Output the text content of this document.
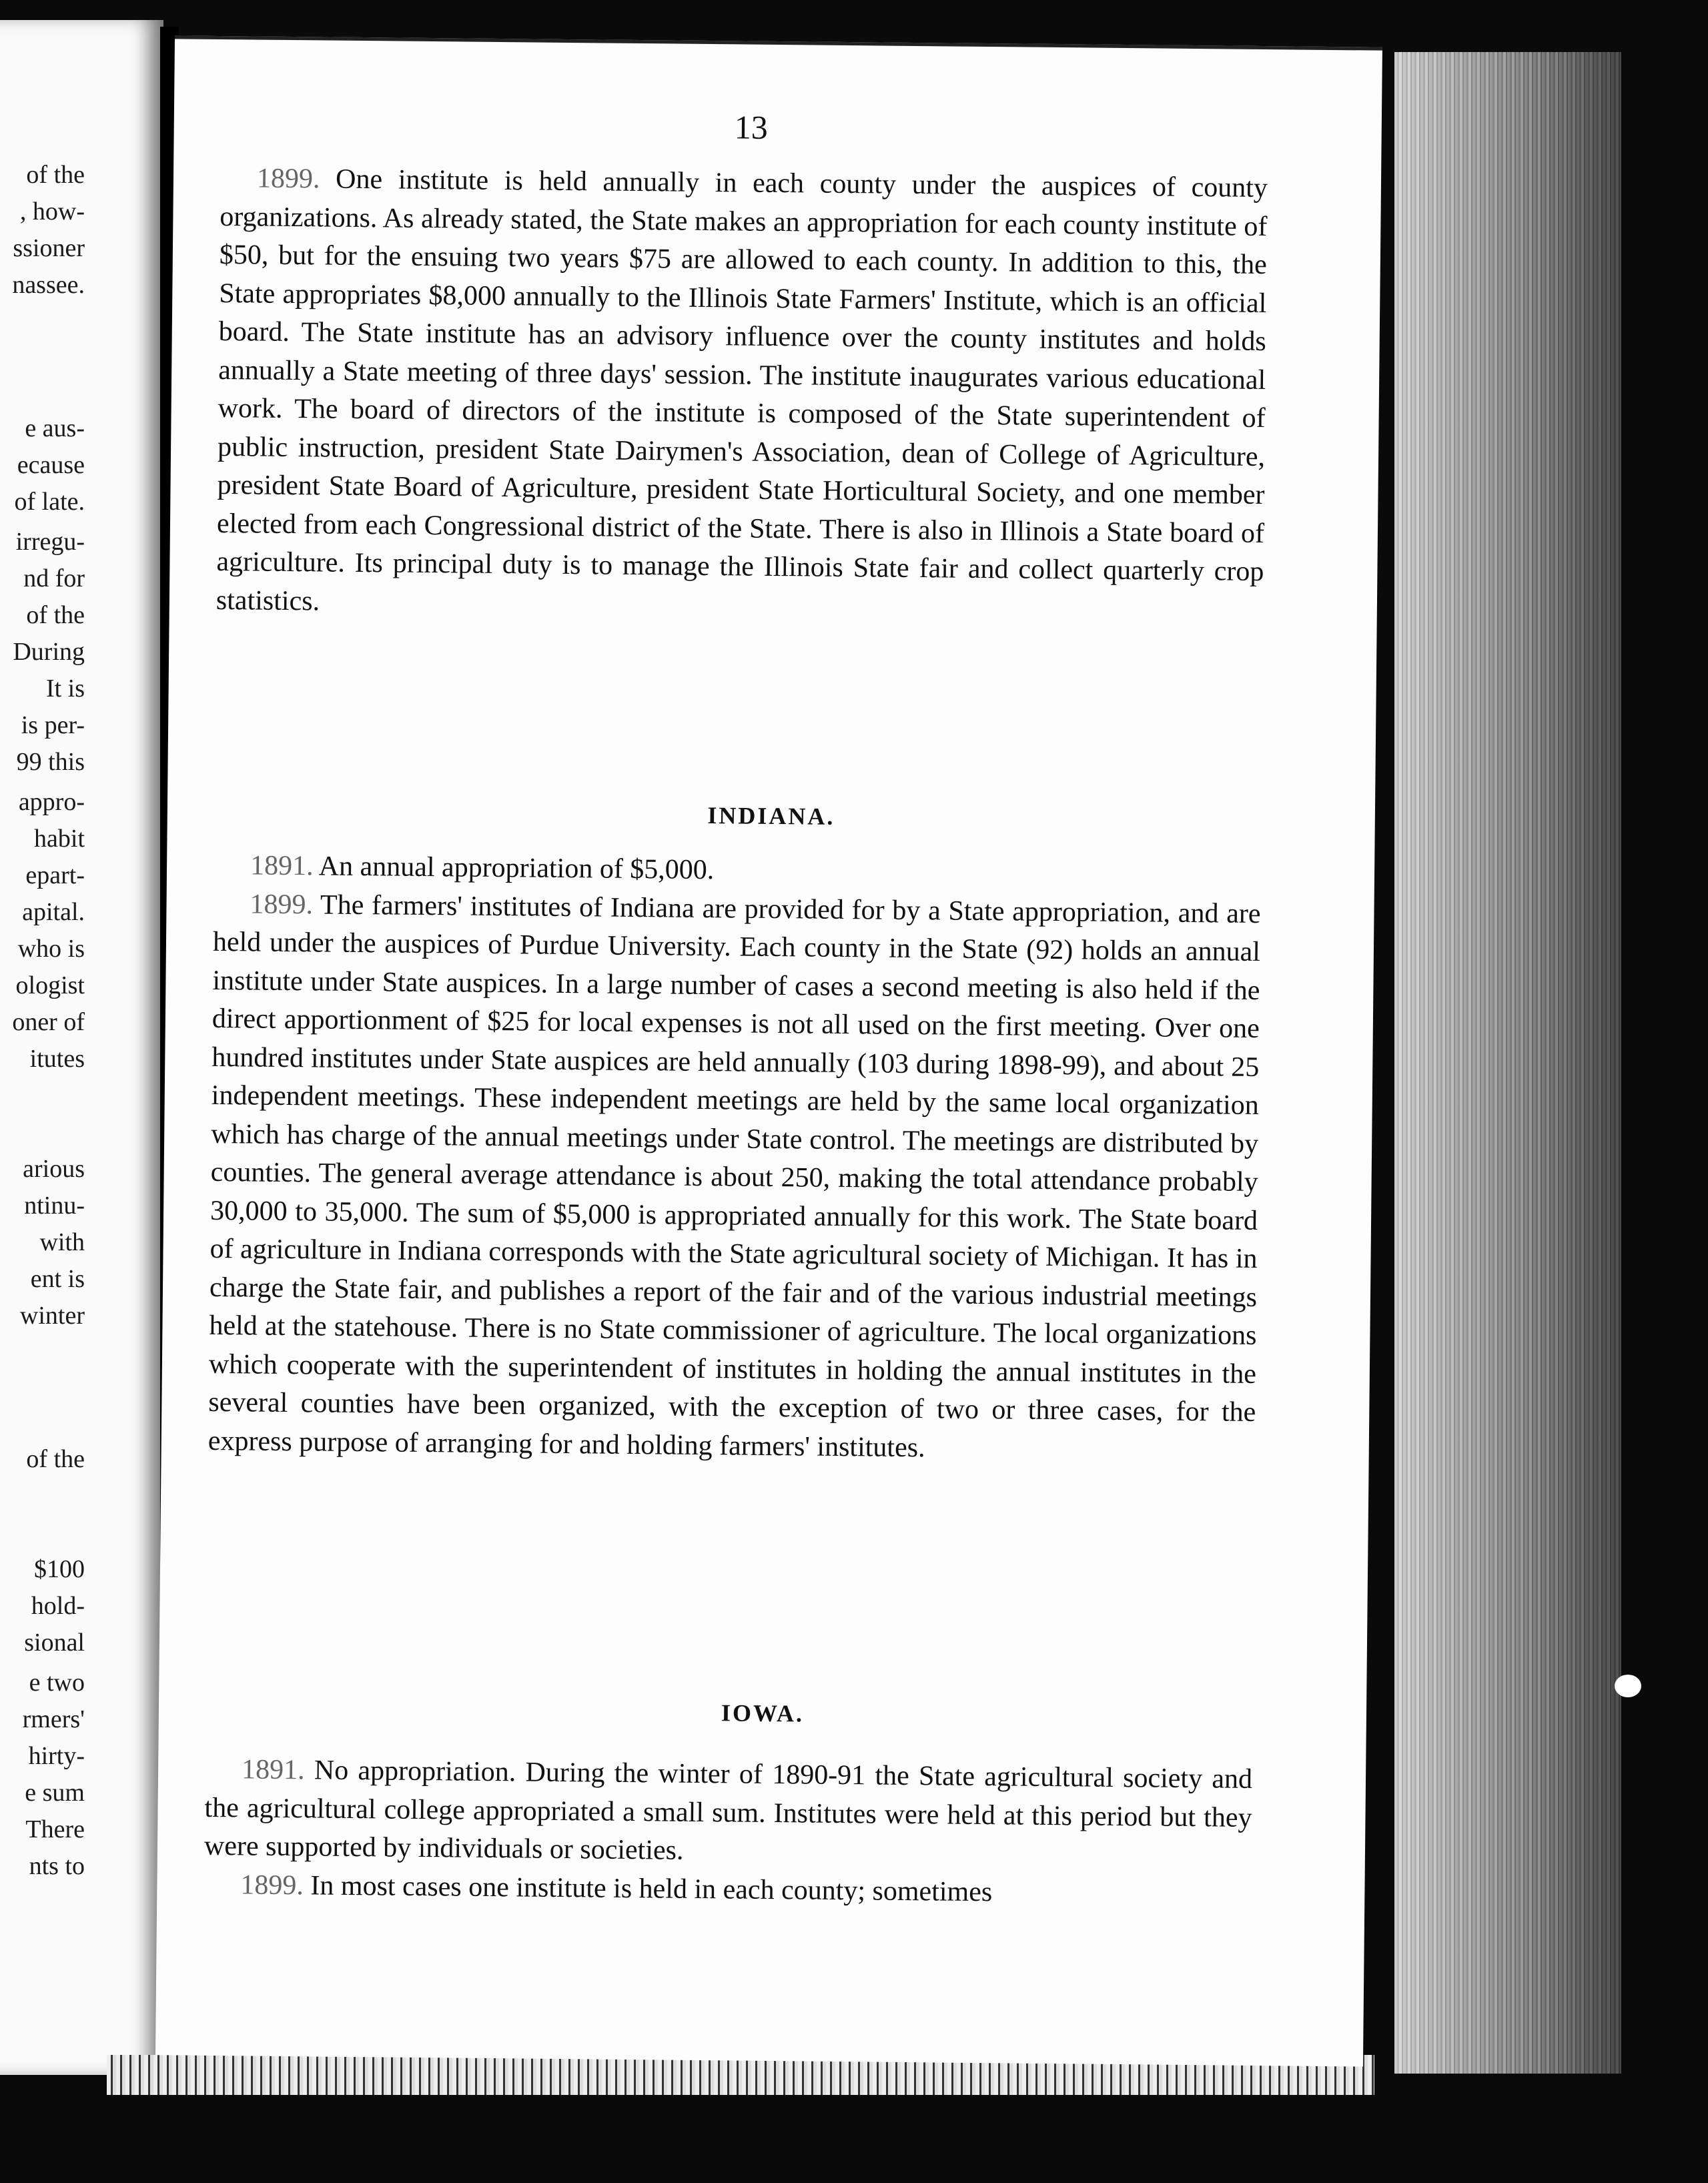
of the
, how-
ssioner
nassee.
e aus-
ecause
of late.
irregu-
nd for
of the
During
It is
is per-
99 this
appro-
habit
epart-
apital.
who is
ologist
oner of
itutes
arious
ntinu-
with
ent is
winter
of the
$100
hold-
sional
e two
rmers'
hirty-
e sum
There
nts to
13

1899. One institute is held annually in each county under the auspices of county organizations. As already stated, the State makes an appropriation for each county institute of $50, but for the ensuing two years $75 are allowed to each county. In addition to this, the State appropriates $8,000 annually to the Illinois State Farmers' Institute, which is an official board. The State institute has an advisory influence over the county institutes and holds annually a State meeting of three days' session. The institute inaugurates various educational work. The board of directors of the institute is composed of the State superintendent of public instruction, president State Dairymen's Association, dean of College of Agriculture, president State Board of Agriculture, president State Horticultural Society, and one member elected from each Congressional district of the State. There is also in Illinois a State board of agriculture. Its principal duty is to manage the Illinois State fair and collect quarterly crop statistics.

INDIANA.

1891. An annual appropriation of $5,000.

1899. The farmers' institutes of Indiana are provided for by a State appropriation, and are held under the auspices of Purdue University. Each county in the State (92) holds an annual institute under State auspices. In a large number of cases a second meeting is also held if the direct apportionment of $25 for local expenses is not all used on the first meeting. Over one hundred institutes under State auspices are held annually (103 during 1898-99), and about 25 independent meetings. These independent meetings are held by the same local organization which has charge of the annual meetings under State control. The meetings are distributed by counties. The general average attendance is about 250, making the total attendance probably 30,000 to 35,000. The sum of $5,000 is appropriated annually for this work. The State board of agriculture in Indiana corresponds with the State agricultural society of Michigan. It has in charge the State fair, and publishes a report of the fair and of the various industrial meetings held at the statehouse. There is no State commissioner of agriculture. The local organizations which cooperate with the superintendent of institutes in holding the annual institutes in the several counties have been organized, with the exception of two or three cases, for the express purpose of arranging for and holding farmers' institutes.

IOWA.

1891. No appropriation. During the winter of 1890-91 the State agricultural society and the agricultural college appropriated a small sum. Institutes were held at this period but they were supported by individuals or societies.

1899. In most cases one institute is held in each county; sometimes
